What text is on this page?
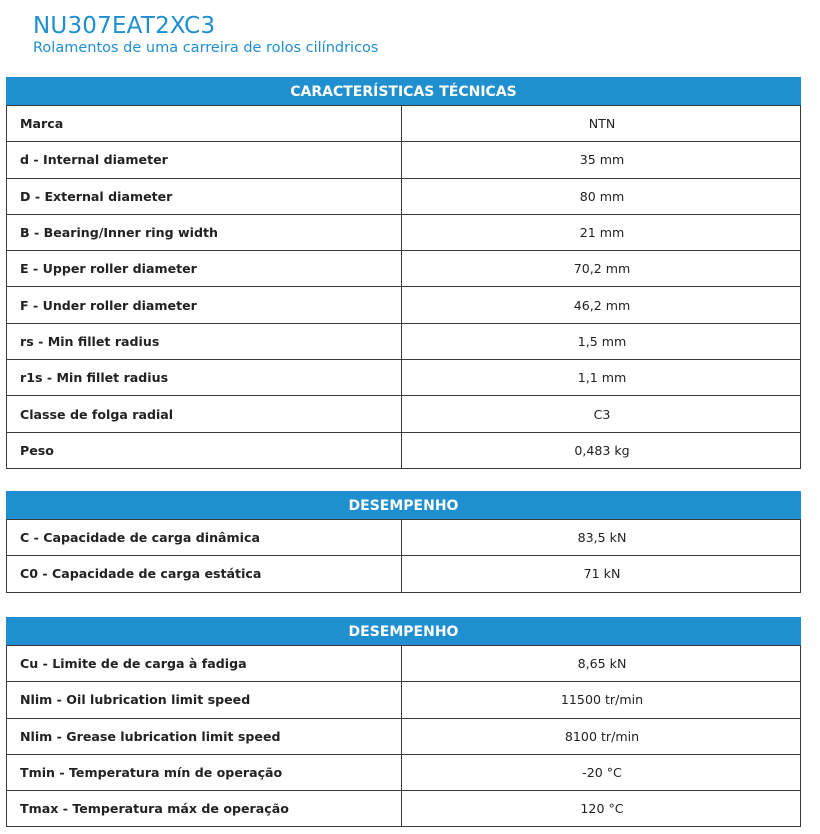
NU307EAT2XC3
Rolamentos de uma carreira de rolos cilíndricos
CARACTERÍSTICAS TÉCNICAS
Marca	NTN
d - Internal diameter	35 mm
D - External diameter	80 mm
B - Bearing/Inner ring width	21 mm
E - Upper roller diameter	70,2 mm
F - Under roller diameter	46,2 mm
rs - Min fillet radius	1,5 mm
r1s - Min fillet radius	1,1 mm
Classe de folga radial	C3
Peso	0,483 kg
DESEMPENHO
C - Capacidade de carga dinâmica	83,5 kN
C0 - Capacidade de carga estática	71 kN
DESEMPENHO
Cu - Limite de de carga à fadiga	8,65 kN
Nlim - Oil lubrication limit speed	11500 tr/min
Nlim - Grease lubrication limit speed	8100 tr/min
Tmin - Temperatura mín de operação	-20 °C
Tmax - Temperatura máx de operação	120 °C
